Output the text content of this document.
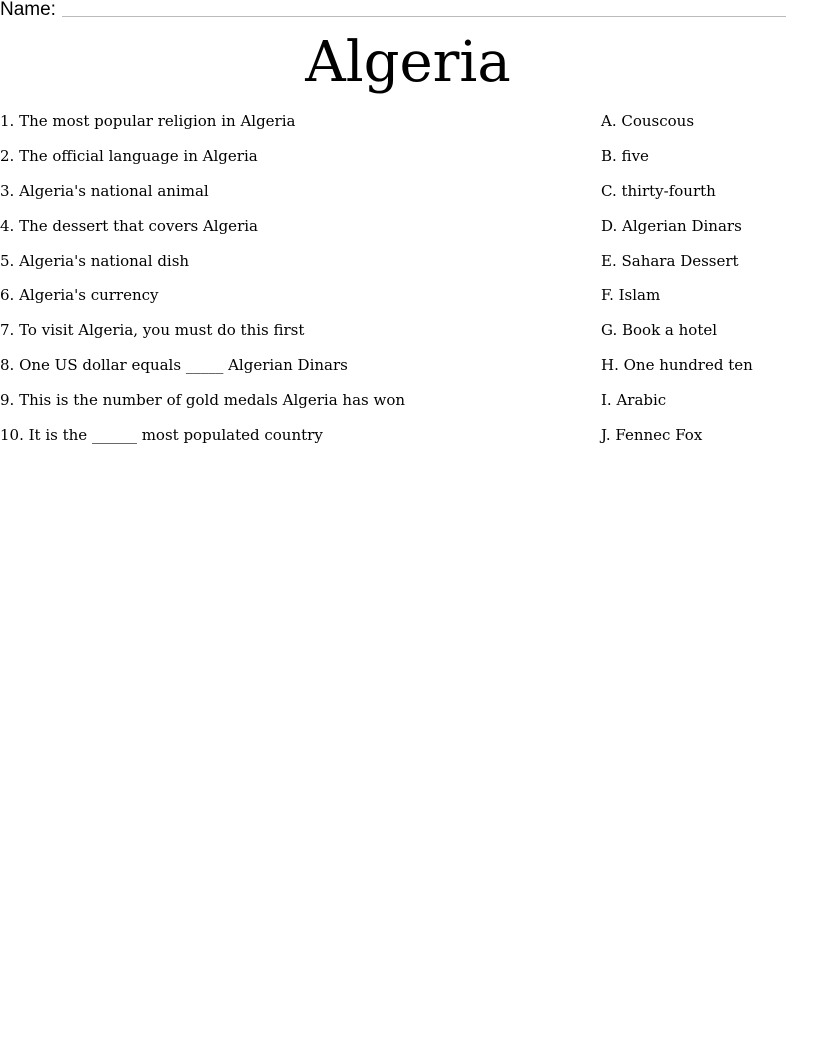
Name:
Algeria
1. The most popular religion in Algeria
2. The official language in Algeria
3. Algeria's national animal
4. The dessert that covers Algeria
5. Algeria's national dish
6. Algeria's currency
7. To visit Algeria, you must do this first
8. One US dollar equals _____ Algerian Dinars
9. This is the number of gold medals Algeria has won
10. It is the ______ most populated country
A. Couscous
B. five
C. thirty-fourth
D. Algerian Dinars
E. Sahara Dessert
F. Islam
G. Book a hotel
H. One hundred ten
I. Arabic
J. Fennec Fox
